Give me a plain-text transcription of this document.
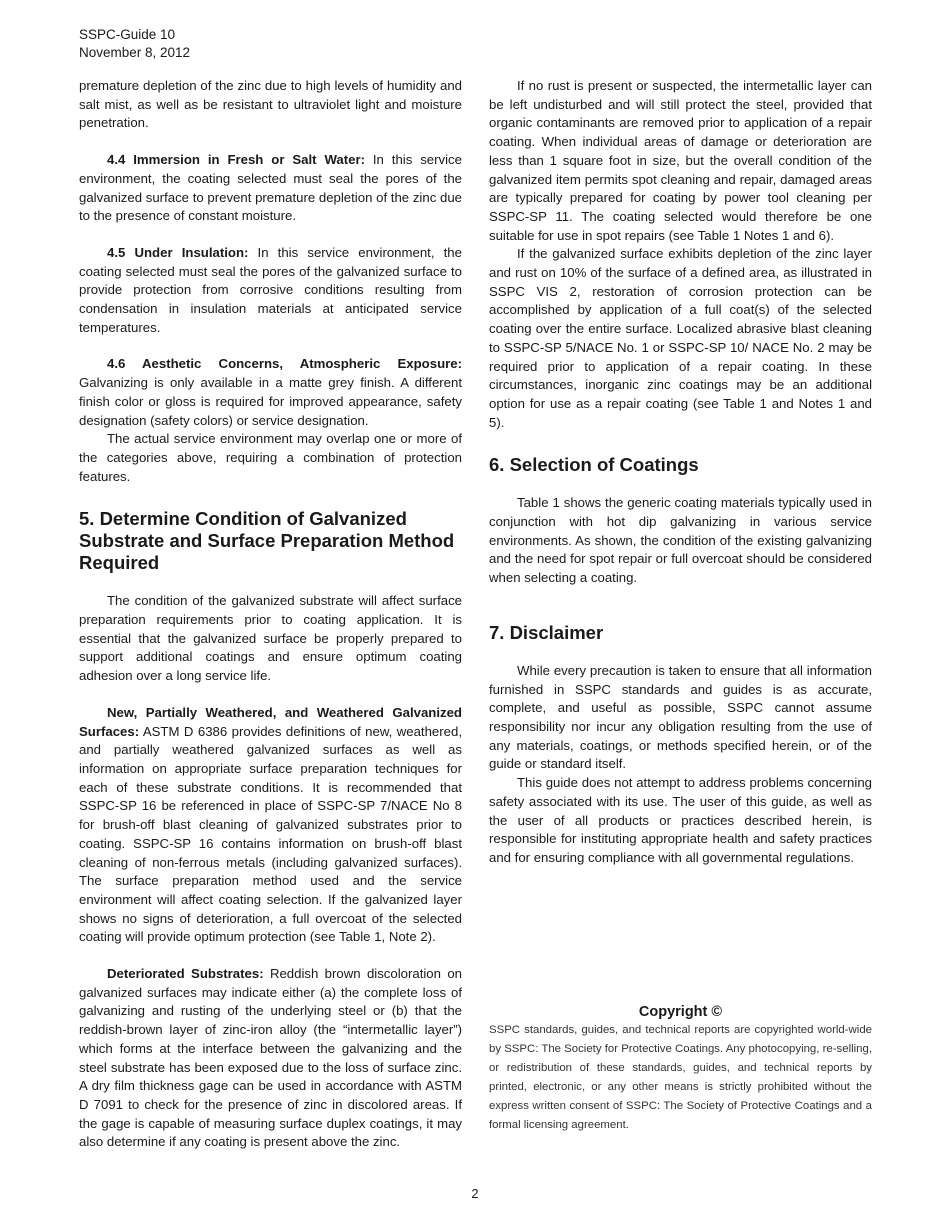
SSPC-Guide 10
November 8, 2012

premature depletion of the zinc due to high levels of humidity and salt mist, as well as be resistant to ultraviolet light and moisture penetration.

4.4 Immersion in Fresh or Salt Water: In this service environment, the coating selected must seal the pores of the galvanized surface to prevent premature depletion of the zinc due to the presence of constant moisture.

4.5 Under Insulation: In this service environment, the coating selected must seal the pores of the galvanized surface to provide protection from corrosive conditions resulting from condensation in insulation materials at anticipated service temperatures.

4.6 Aesthetic Concerns, Atmospheric Exposure: Galvanizing is only available in a matte grey finish. A different finish color or gloss is required for improved appearance, safety designation (safety colors) or service designation.

The actual service environment may overlap one or more of the categories above, requiring a combination of protection features.

5. Determine Condition of Galvanized Substrate and Surface Preparation Method Required

The condition of the galvanized substrate will affect surface preparation requirements prior to coating application. It is essential that the galvanized surface be properly prepared to support additional coatings and ensure optimum coating adhesion over a long service life.

New, Partially Weathered, and Weathered Galvanized Surfaces: ASTM D 6386 provides definitions of new, weathered, and partially weathered galvanized surfaces as well as information on appropriate surface preparation techniques for each of these substrate conditions. It is recommended that SSPC-SP 16 be referenced in place of SSPC-SP 7/NACE No 8 for brush-off blast cleaning of galvanized substrates prior to coating. SSPC-SP 16 contains information on brush-off blast cleaning of non-ferrous metals (including galvanized surfaces). The surface preparation method used and the service environment will affect coating selection. If the galvanized layer shows no signs of deterioration, a full overcoat of the selected coating will provide optimum protection (see Table 1, Note 2).

Deteriorated Substrates: Reddish brown discoloration on galvanized surfaces may indicate either (a) the complete loss of galvanizing and rusting of the underlying steel or (b) that the reddish-brown layer of zinc-iron alloy (the “intermetallic layer”) which forms at the interface between the galvanizing and the steel substrate has been exposed due to the loss of surface zinc. A dry film thickness gage can be used in accordance with ASTM D 7091 to check for the presence of zinc in discolored areas. If the gage is capable of measuring surface duplex coatings, it may also determine if any coating is present above the zinc.

If no rust is present or suspected, the intermetallic layer can be left undisturbed and will still protect the steel, provided that organic contaminants are removed prior to application of a repair coating. When individual areas of damage or deterioration are less than 1 square foot in size, but the overall condition of the galvanized item permits spot cleaning and repair, damaged areas are typically prepared for coating by power tool cleaning per SSPC-SP 11. The coating selected would therefore be one suitable for use in spot repairs (see Table 1 Notes 1 and 6).

If the galvanized surface exhibits depletion of the zinc layer and rust on 10% of the surface of a defined area, as illustrated in SSPC VIS 2, restoration of corrosion protection can be accomplished by application of a full coat(s) of the selected coating over the entire surface. Localized abrasive blast cleaning to SSPC-SP 5/NACE No. 1 or SSPC-SP 10/ NACE No. 2 may be required prior to application of a repair coating. In these circumstances, inorganic zinc coatings may be an additional option for use as a repair coating (see Table 1 and Notes 1 and 5).

6. Selection of Coatings

Table 1 shows the generic coating materials typically used in conjunction with hot dip galvanizing in various service environments. As shown, the condition of the existing galvanizing and the need for spot repair or full overcoat should be considered when selecting a coating.

7. Disclaimer

While every precaution is taken to ensure that all information furnished in SSPC standards and guides is as accurate, complete, and useful as possible, SSPC cannot assume responsibility nor incur any obligation resulting from the use of any materials, coatings, or methods specified herein, or of the guide or standard itself.

This guide does not attempt to address problems concerning safety associated with its use. The user of this guide, as well as the user of all products or practices described herein, is responsible for instituting appropriate health and safety practices and for ensuring compliance with all governmental regulations.

Copyright ©
SSPC standards, guides, and technical reports are copyrighted world-wide by SSPC: The Society for Protective Coatings. Any photocopying, re-selling, or redistribution of these standards, guides, and technical reports by printed, electronic, or any other means is strictly prohibited without the express written consent of SSPC: The Society of Protective Coatings and a formal licensing agreement.
2
